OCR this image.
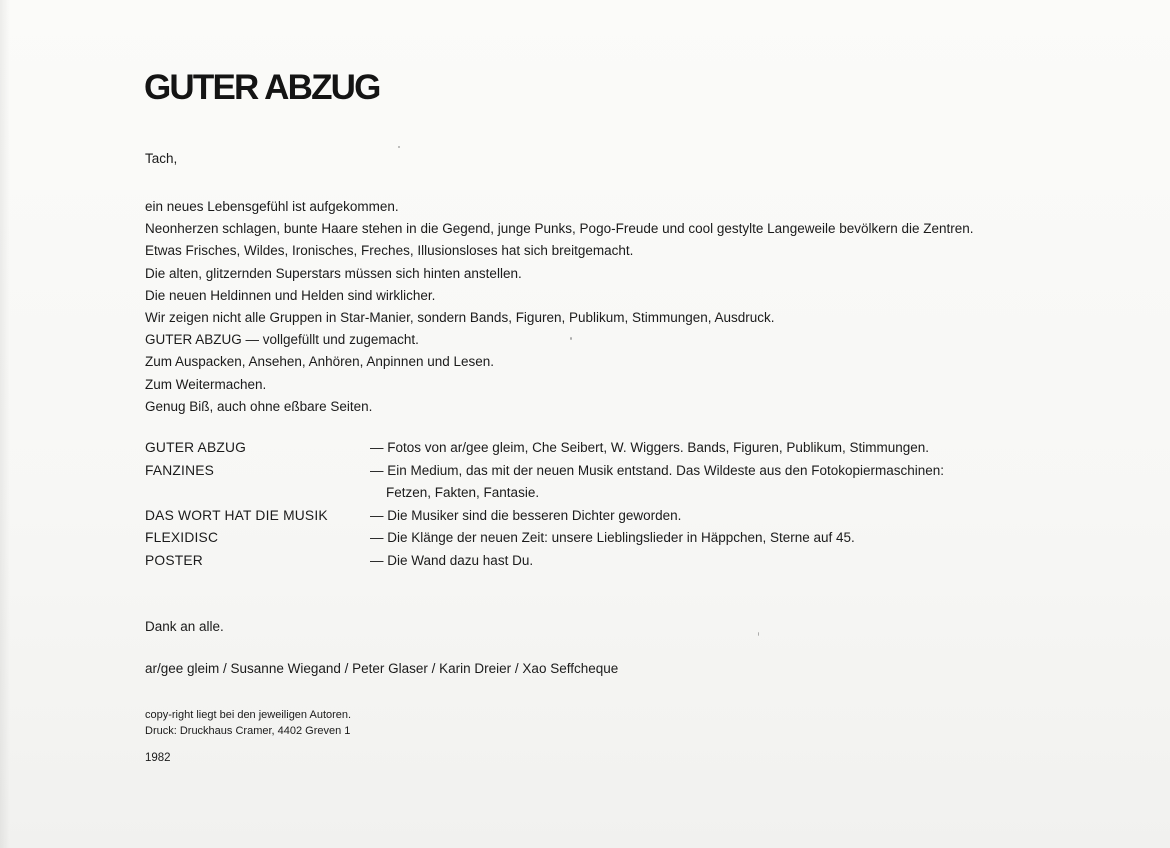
GUTER ABZUG
Tach,
ein neues Lebensgefühl ist aufgekommen.
Neonherzen schlagen, bunte Haare stehen in die Gegend, junge Punks, Pogo-Freude und cool gestylte Langeweile bevölkern die Zentren.
Etwas Frisches, Wildes, Ironisches, Freches, Illusionsloses hat sich breitgemacht.
Die alten, glitzernden Superstars müssen sich hinten anstellen.
Die neuen Heldinnen und Helden sind wirklicher.
Wir zeigen nicht alle Gruppen in Star-Manier, sondern Bands, Figuren, Publikum, Stimmungen, Ausdruck.
GUTER ABZUG — vollgefüllt und zugemacht.
Zum Auspacken, Ansehen, Anhören, Anpinnen und Lesen.
Zum Weitermachen.
Genug Biß, auch ohne eßbare Seiten.
GUTER ABZUG	— Fotos von ar/gee gleim, Che Seibert, W. Wiggers. Bands, Figuren, Publikum, Stimmungen.
FANZINES	— Ein Medium, das mit der neuen Musik entstand. Das Wildeste aus den Fotokopiermaschinen:
Fetzen, Fakten, Fantasie.
DAS WORT HAT DIE MUSIK	— Die Musiker sind die besseren Dichter geworden.
FLEXIDISC	— Die Klänge der neuen Zeit: unsere Lieblingslieder in Häppchen, Sterne auf 45.
POSTER	— Die Wand dazu hast Du.
Dank an alle.
ar/gee gleim / Susanne Wiegand / Peter Glaser / Karin Dreier / Xao Seffcheque
copy-right liegt bei den jeweiligen Autoren.
Druck: Druckhaus Cramer, 4402 Greven 1
1982
